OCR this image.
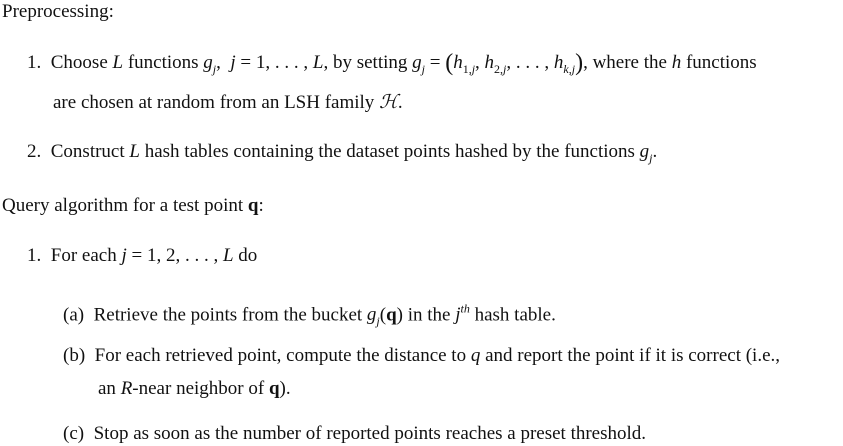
Preprocessing:
1. Choose L functions $g_j$,  j = 1, . . . , L, by setting $g_j = (h_{1,j}$, $h_{2,j}$, . . . , $h_{k,j}$), where the h functions
are chosen at random from an LSH family ℋ.
2. Construct L hash tables containing the dataset points hashed by the functions $g_j$.
Query algorithm for a test point q:
1. For each j = 1, 2, . . . , L do
(a) Retrieve the points from the bucket $g_j(q)$ in the $j^{th}$ hash table.
(b) For each retrieved point, compute the distance to q and report the point if it is correct (i.e.,
an R-near neighbor of q).
(c) Stop as soon as the number of reported points reaches a preset threshold.
